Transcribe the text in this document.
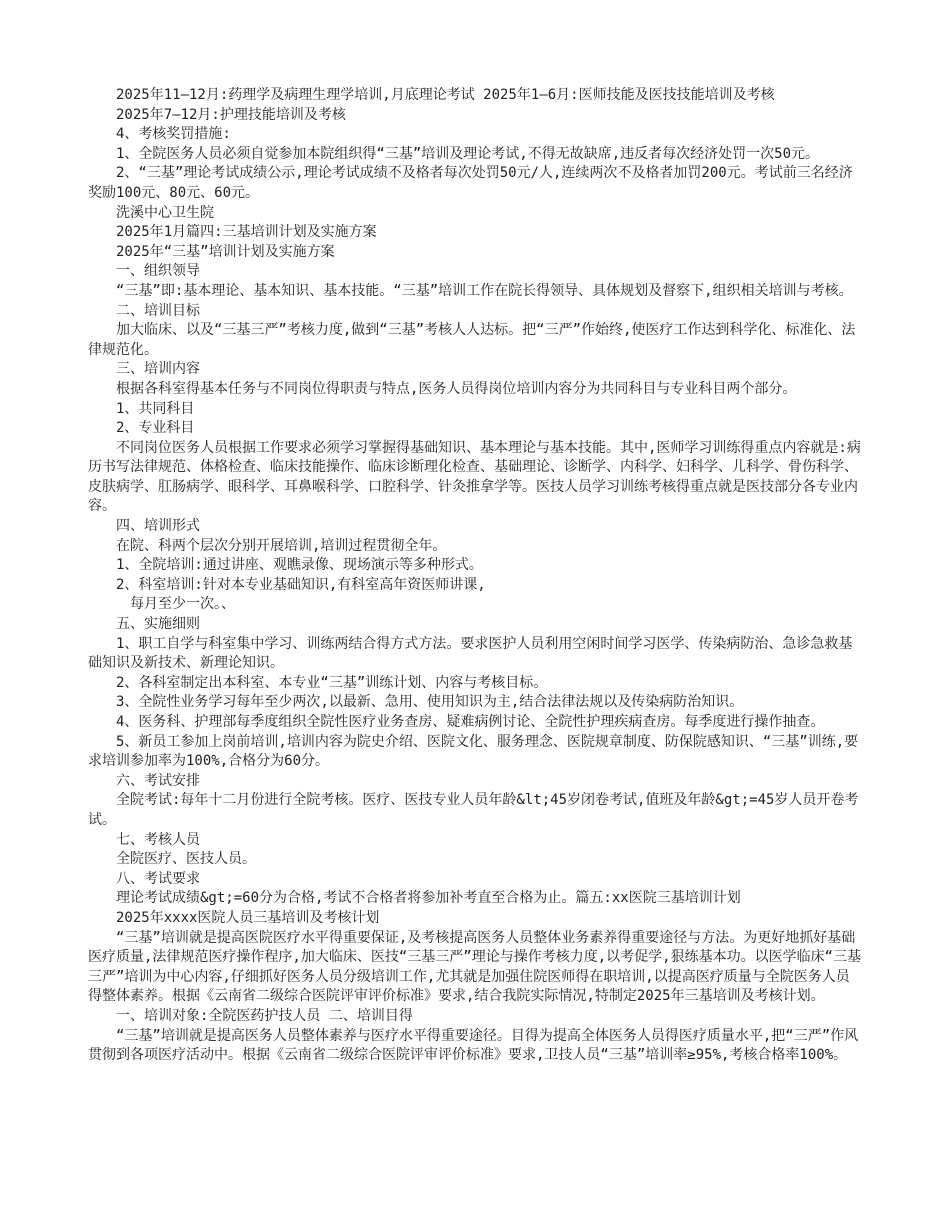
2025年11—12月:药理学及病理生理学培训,月底理论考试 2025年1—6月:医师技能及医技技能培训及考核

2025年7—12月:护理技能培训及考核

4、考核奖罚措施:

1、全院医务人员必须自觉参加本院组织得“三基”培训及理论考试,不得无故缺席,违反者每次经济处罚一次50元。

2、“三基”理论考试成绩公示,理论考试成绩不及格者每次处罚50元/人,连续两次不及格者加罚200元。考试前三名经济奖励100元、80元、60元。

洗溪中心卫生院

2025年1月篇四:三基培训计划及实施方案

2025年“三基”培训计划及实施方案

一、组织领导

“三基”即:基本理论、基本知识、基本技能。“三基”培训工作在院长得领导、具体规划及督察下,组织相关培训与考核。

二、培训目标

加大临床、以及“三基三严”考核力度,做到“三基”考核人人达标。把“三严”作始终,使医疗工作达到科学化、标准化、法律规范化。

三、培训内容

根据各科室得基本任务与不同岗位得职责与特点,医务人员得岗位培训内容分为共同科目与专业科目两个部分。

1、共同科目

2、专业科目

不同岗位医务人员根据工作要求必须学习掌握得基础知识、基本理论与基本技能。其中,医师学习训练得重点内容就是:病历书写法律规范、体格检查、临床技能操作、临床诊断理化检查、基础理论、诊断学、内科学、妇科学、儿科学、骨伤科学、皮肤病学、肛肠病学、眼科学、耳鼻喉科学、口腔科学、针灸推拿学等。医技人员学习训练考核得重点就是医技部分各专业内容。

四、培训形式

在院、科两个层次分别开展培训,培训过程贯彻全年。

1、全院培训:通过讲座、观瞧录像、现场演示等多种形式。

2、科室培训:针对本专业基础知识,有科室高年资医师讲课,

每月至少一次。、

五、实施细则

1、职工自学与科室集中学习、训练两结合得方式方法。要求医护人员利用空闲时间学习医学、传染病防治、急诊急救基础知识及新技术、新理论知识。

2、各科室制定出本科室、本专业“三基”训练计划、内容与考核目标。

3、全院性业务学习每年至少两次,以最新、急用、使用知识为主,结合法律法规以及传染病防治知识。

4、医务科、护理部每季度组织全院性医疗业务查房、疑难病例讨论、全院性护理疾病查房。每季度进行操作抽查。

5、新员工参加上岗前培训,培训内容为院史介绍、医院文化、服务理念、医院规章制度、防保院感知识、“三基”训练,要求培训参加率为100%,合格分为60分。

六、考试安排

全院考试:每年十二月份进行全院考核。医疗、医技专业人员年龄&lt;45岁闭卷考试,值班及年龄&gt;=45岁人员开卷考试。

七、考核人员

全院医疗、医技人员。

八、考试要求

理论考试成绩&gt;=60分为合格,考试不合格者将参加补考直至合格为止。篇五:xx医院三基培训计划

2025年xxxx医院人员三基培训及考核计划

“三基”培训就是提高医院医疗水平得重要保证,及考核提高医务人员整体业务素养得重要途径与方法。为更好地抓好基础医疗质量,法律规范医疗操作程序,加大临床、医技“三基三严”理论与操作考核力度,以考促学,狠练基本功。以医学临床“三基三严”培训为中心内容,仔细抓好医务人员分级培训工作,尤其就是加强住院医师得在职培训,以提高医疗质量与全院医务人员得整体素养。根据《云南省二级综合医院评审评价标准》要求,结合我院实际情况,特制定2025年三基培训及考核计划。

一、培训对象:全院医药护技人员 二、培训目得

“三基”培训就是提高医务人员整体素养与医疗水平得重要途径。目得为提高全体医务人员得医疗质量水平,把“三严”作风贯彻到各项医疗活动中。根据《云南省二级综合医院评审评价标准》要求,卫技人员“三基”培训率≥95%,考核合格率100%。
